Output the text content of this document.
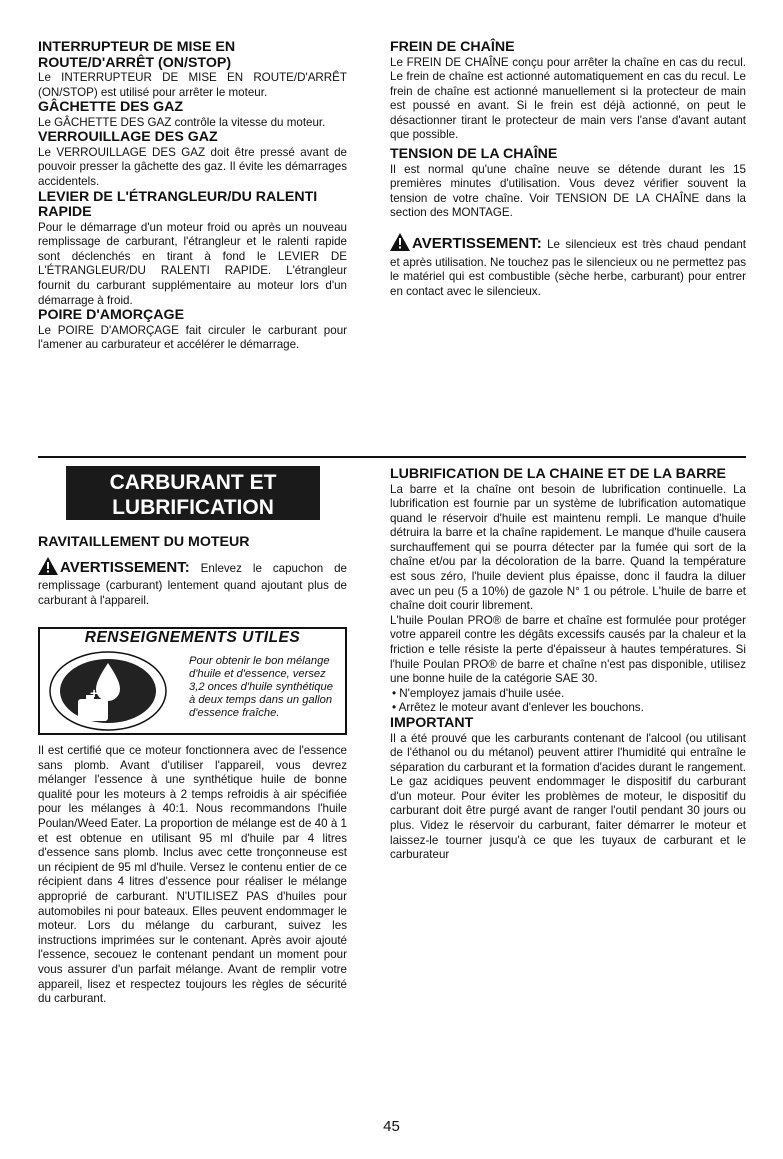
INTERRUPTEUR DE MISE EN ROUTE/D'ARRÊT (ON/STOP)

Le INTERRUPTEUR DE MISE EN ROUTE/D'ARRÊT (ON/STOP) est utilisé pour arrêter le moteur.

GÂCHETTE DES GAZ

Le GÂCHETTE DES GAZ contrôle la vitesse du moteur.

VERROUILLAGE DES GAZ

Le VERROUILLAGE DES GAZ doit être pressé avant de pouvoir presser la gâchette des gaz. Il évite les démarrages accidentels.

LEVIER DE L'ÉTRANGLEUR/DU RALENTI RAPIDE

Pour le démarrage d'un moteur froid ou après un nouveau remplissage de carburant, l'étrangleur et le ralenti rapide sont déclenchés en tirant à fond le LEVIER DE L'ÉTRANGLEUR/DU RALENTI RAPIDE. L'étrangleur fournit du carburant supplémentaire au moteur lors d'un démarrage à froid.

POIRE D'AMORÇAGE

Le POIRE D'AMORÇAGE fait circuler le carburant pour l'amener au carburateur et accélérer le démarrage.

FREIN DE CHAÎNE

Le FREIN DE CHAÎNE conçu pour arrêter la chaîne en cas du recul. Le frein de chaîne est actionné automatiquement en cas du recul. Le frein de chaîne est actionné manuellement si la protecteur de main est poussé en avant. Si le frein est déjà actionné, on peut le désactionner tirant le protecteur de main vers l'anse d'avant autant que possible.

TENSION DE LA CHAÎNE

Il est normal qu'une chaîne neuve se détende durant les 15 premières minutes d'utilisation. Vous devez vérifier souvent la tension de votre chaîne. Voir TENSION DE LA CHAÎNE dans la section des MONTAGE.

AVERTISSEMENT: Le silencieux est très chaud pendant et après utilisation. Ne touchez pas le silencieux ou ne permettez pas le matériel qui est combustible (sèche herbe, carburant) pour entrer en contact avec le silencieux.

CARBURANT ET
LUBRIFICATION

RAVITAILLEMENT DU MOTEUR

AVERTISSEMENT: Enlevez le capuchon de remplissage (carburant) lentement quand ajoutant plus de carburant à l'appareil.

RENSEIGNEMENTS UTILES
+
Pour obtenir le bon mélange d'huile et d'essence, versez 3,2 onces d'huile synthétique à deux temps dans un gallon d'essence fraîche.

Il est certifié que ce moteur fonctionnera avec de l'essence sans plomb. Avant d'utiliser l'appareil, vous devrez mélanger l'essence à une synthétique huile de bonne qualité pour les moteurs à 2 temps refroidis à air spécifiée pour les mélanges à 40:1. Nous recommandons l'huile Poulan/Weed Eater. La proportion de mélange est de 40 à 1 et est obtenue en utilisant 95 ml d'huile par 4 litres d'essence sans plomb. Inclus avec cette tronçonneuse est un récipient de 95 ml d'huile. Versez le contenu entier de ce récipient dans 4 litres d'essence pour réaliser le mélange approprié de carburant. N'UTILISEZ PAS d'huiles pour automobiles ni pour bateaux. Elles peuvent endommager le moteur. Lors du mélange du carburant, suivez les instructions imprimées sur le contenant. Après avoir ajouté l'essence, secouez le contenant pendant un moment pour vous assurer d'un parfait mélange. Avant de remplir votre appareil, lisez et respectez toujours les règles de sécurité du carburant.

LUBRIFICATION DE LA CHAINE ET DE LA BARRE

La barre et la chaîne ont besoin de lubrification continuelle. La lubrification est fournie par un système de lubrification automatique quand le réservoir d'huile est maintenu rempli. Le manque d'huile détruira la barre et la chaîne rapidement. Le manque d'huile causera surchauffement qui se pourra détecter par la fumée qui sort de la chaîne et/ou par la décoloration de la barre. Quand la température est sous zéro, l'huile devient plus épaisse, donc il faudra la diluer avec un peu (5 a 10%) de gazole N° 1 ou pétrole. L'huile de barre et chaîne doit courir librement.

L'huile Poulan PRO® de barre et chaîne est formulée pour protéger votre appareil contre les dégâts excessifs causés par la chaleur et la friction e telle résiste la perte d'épaisseur à hautes températures. Si l'huile Poulan PRO® de barre et chaîne n'est pas disponible, utilisez une bonne huile de la catégorie SAE 30.

• N'employez jamais d'huile usée.
• Arrêtez le moteur avant d'enlever les bouchons.

IMPORTANT

Il a été prouvé que les carburants contenant de l'alcool (ou utilisant de l'éthanol ou du métanol) peuvent attirer l'humidité qui entraîne le séparation du carburant et la formation d'acides durant le rangement. Le gaz acidiques peuvent endommager le dispositif du carburant d'un moteur. Pour éviter les problèmes de moteur, le dispositif du carburant doit être purgé avant de ranger l'outil pendant 30 jours ou plus. Videz le réservoir du carburant, faiter démarrer le moteur et laissez-le tourner jusqu'à ce que les tuyaux de carburant et le carburateur

45
